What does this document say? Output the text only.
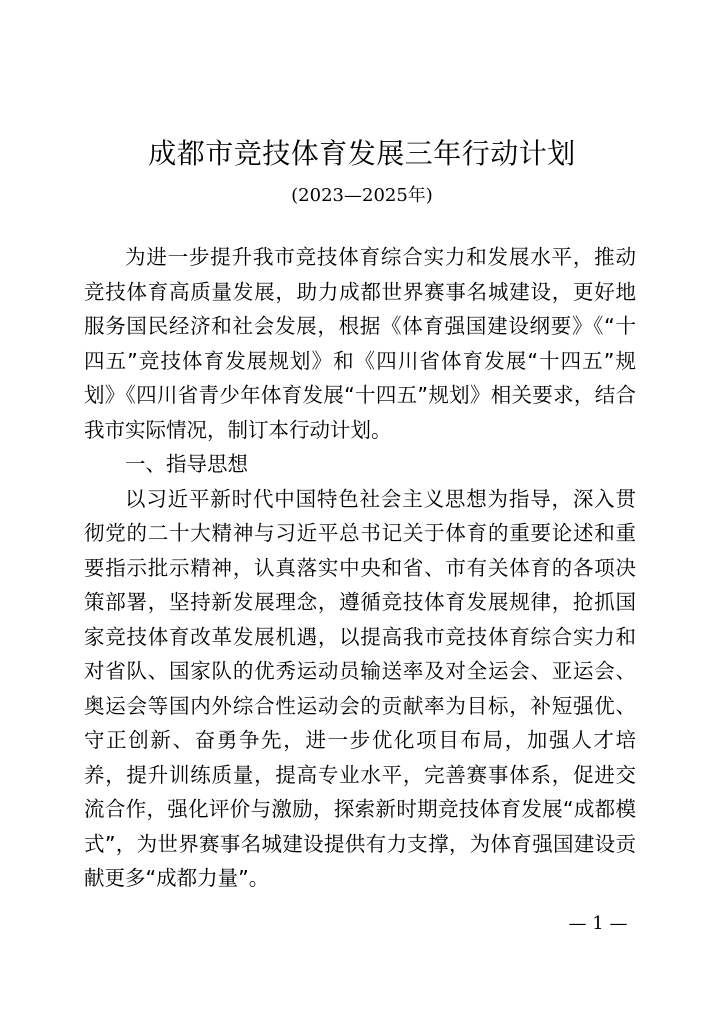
成都市竞技体育发展三年行动计划
(2023—2025年)

为进一步提升我市竞技体育综合实力和发展水平，推动竞技体育高质量发展，助力成都世界赛事名城建设，更好地服务国民经济和社会发展，根据《体育强国建设纲要》《“十四五”竞技体育发展规划》和《四川省体育发展“十四五”规划》《四川省青少年体育发展“十四五”规划》相关要求，结合我市实际情况，制订本行动计划。

一、指导思想

以习近平新时代中国特色社会主义思想为指导，深入贯彻党的二十大精神与习近平总书记关于体育的重要论述和重要指示批示精神，认真落实中央和省、市有关体育的各项决策部署，坚持新发展理念，遵循竞技体育发展规律，抢抓国家竞技体育改革发展机遇，以提高我市竞技体育综合实力和对省队、国家队的优秀运动员输送率及对全运会、亚运会、奥运会等国内外综合性运动会的贡献率为目标，补短强优、守正创新、奋勇争先，进一步优化项目布局，加强人才培养，提升训练质量，提高专业水平，完善赛事体系，促进交流合作，强化评价与激励，探索新时期竞技体育发展“成都模式”，为世界赛事名城建设提供有力支撑，为体育强国建设贡献更多“成都力量”。

— 1 —
